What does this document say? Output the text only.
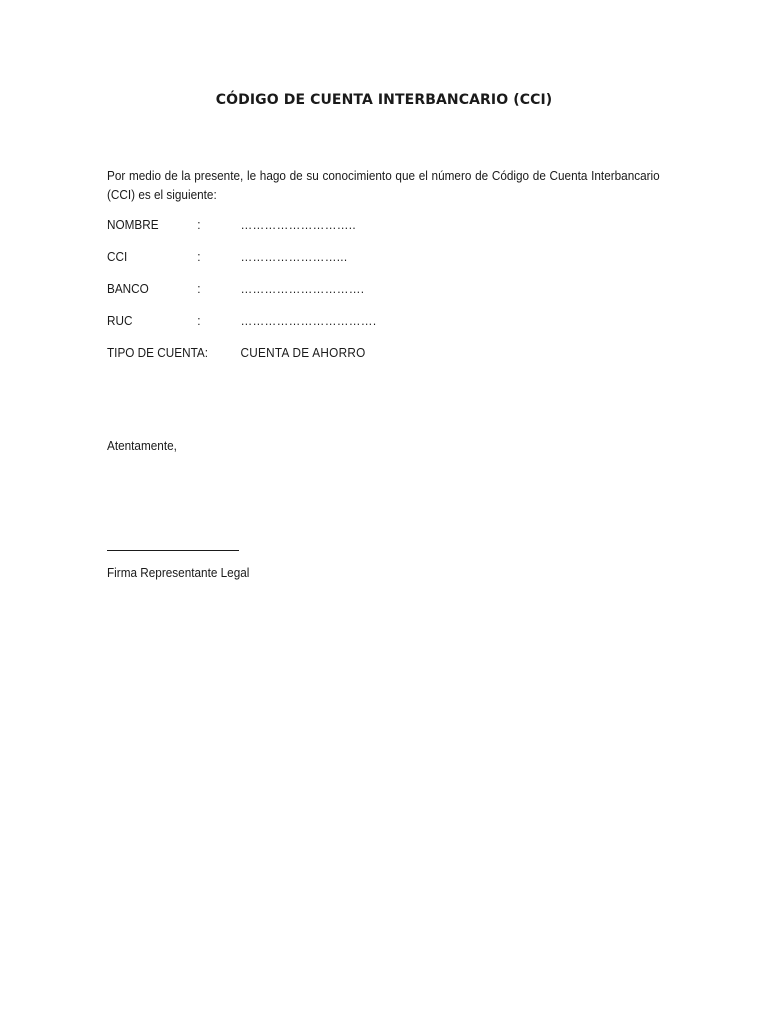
CÓDIGO DE CUENTA INTERBANCARIO (CCI)
Por medio de la presente, le hago de su conocimiento que el número de Código de Cuenta Interbancario (CCI) es el siguiente:
NOMBRE	:	………………………..
CCI	:	……………………...
BANCO	:	………………………….
RUC	:	…………………………….
TIPO DE CUENTA:	CUENTA DE AHORRO
Atentamente,
Firma Representante Legal
